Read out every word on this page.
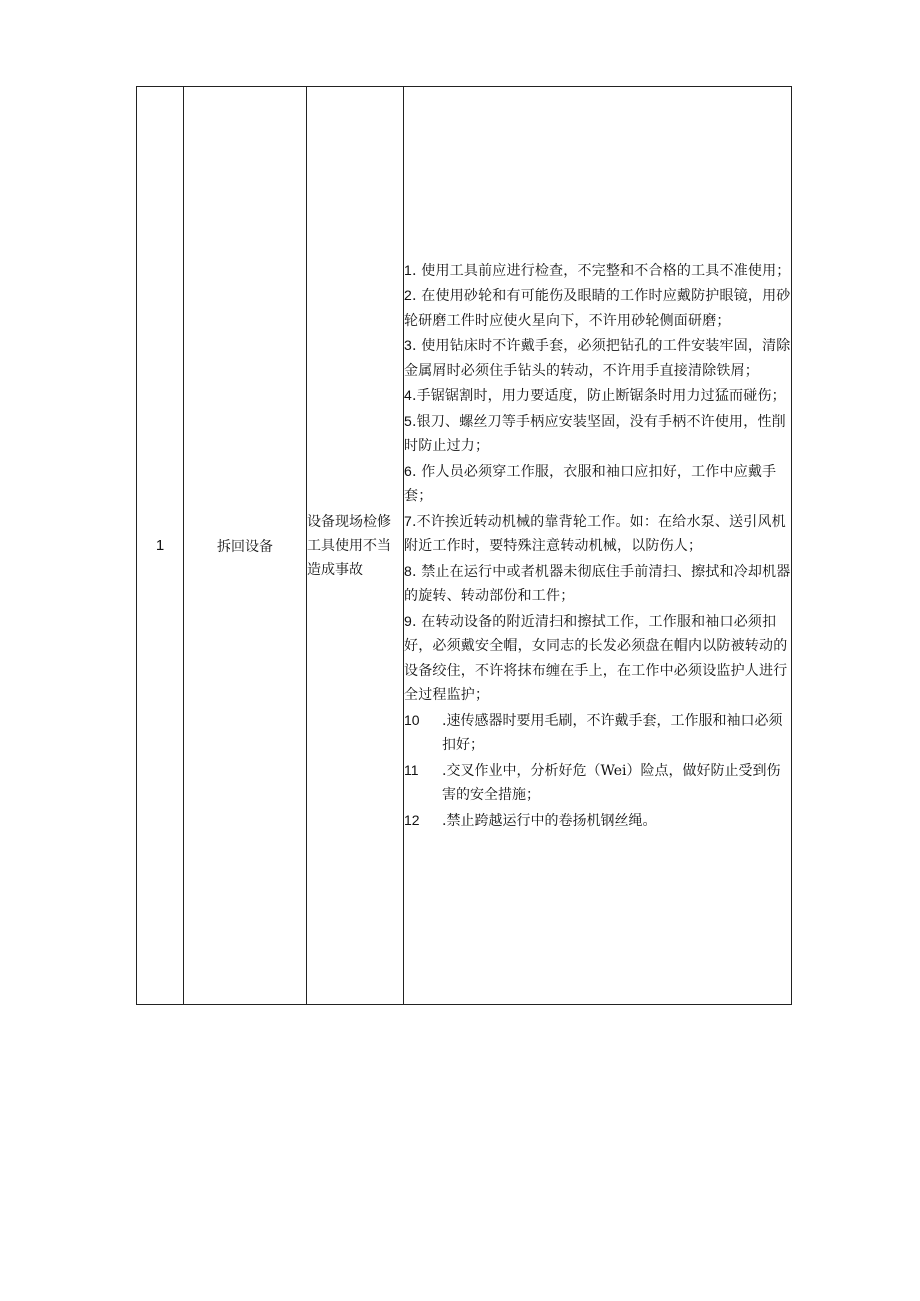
1	拆回设备	设备现场检修工具使用不当造成事故	
1. 使用工具前应进行检查，不完整和不合格的工具不准使用；
2. 在使用砂轮和有可能伤及眼睛的工作时应戴防护眼镜，用砂轮研磨工件时应使火星向下，不许用砂轮侧面研磨；
3. 使用钻床时不许戴手套，必须把钻孔的工件安装牢固，清除金属屑时必须住手钻头的转动，不许用手直接清除铁屑；
4.手锯锯割时，用力要适度，防止断锯条时用力过猛而碰伤；
5.银刀、螺丝刀等手柄应安装坚固，没有手柄不许使用，性削时防止过力；
6. 作人员必须穿工作服，衣服和袖口应扣好，工作中应戴手套；
7.不许挨近转动机械的靠背轮工作。如：在给水泵、送引风机附近工作时，要特殊注意转动机械，以防伤人；
8. 禁止在运行中或者机器未彻底住手前清扫、擦拭和冷却机器的旋转、转动部份和工件；
9. 在转动设备的附近清扫和擦拭工作，工作服和袖口必须扣好，必须戴安全帽，女同志的长发必须盘在帽内以防被转动的设备绞住，不许将抹布缠在手上，在工作中必须设监护人进行全过程监护；
10 .速传感器时要用毛刷，不许戴手套，工作服和袖口必须扣好；
11 .交叉作业中，分析好危（Wei）险点，做好防止受到伤害的安全措施；
12 .禁止跨越运行中的卷扬机钢丝绳。
